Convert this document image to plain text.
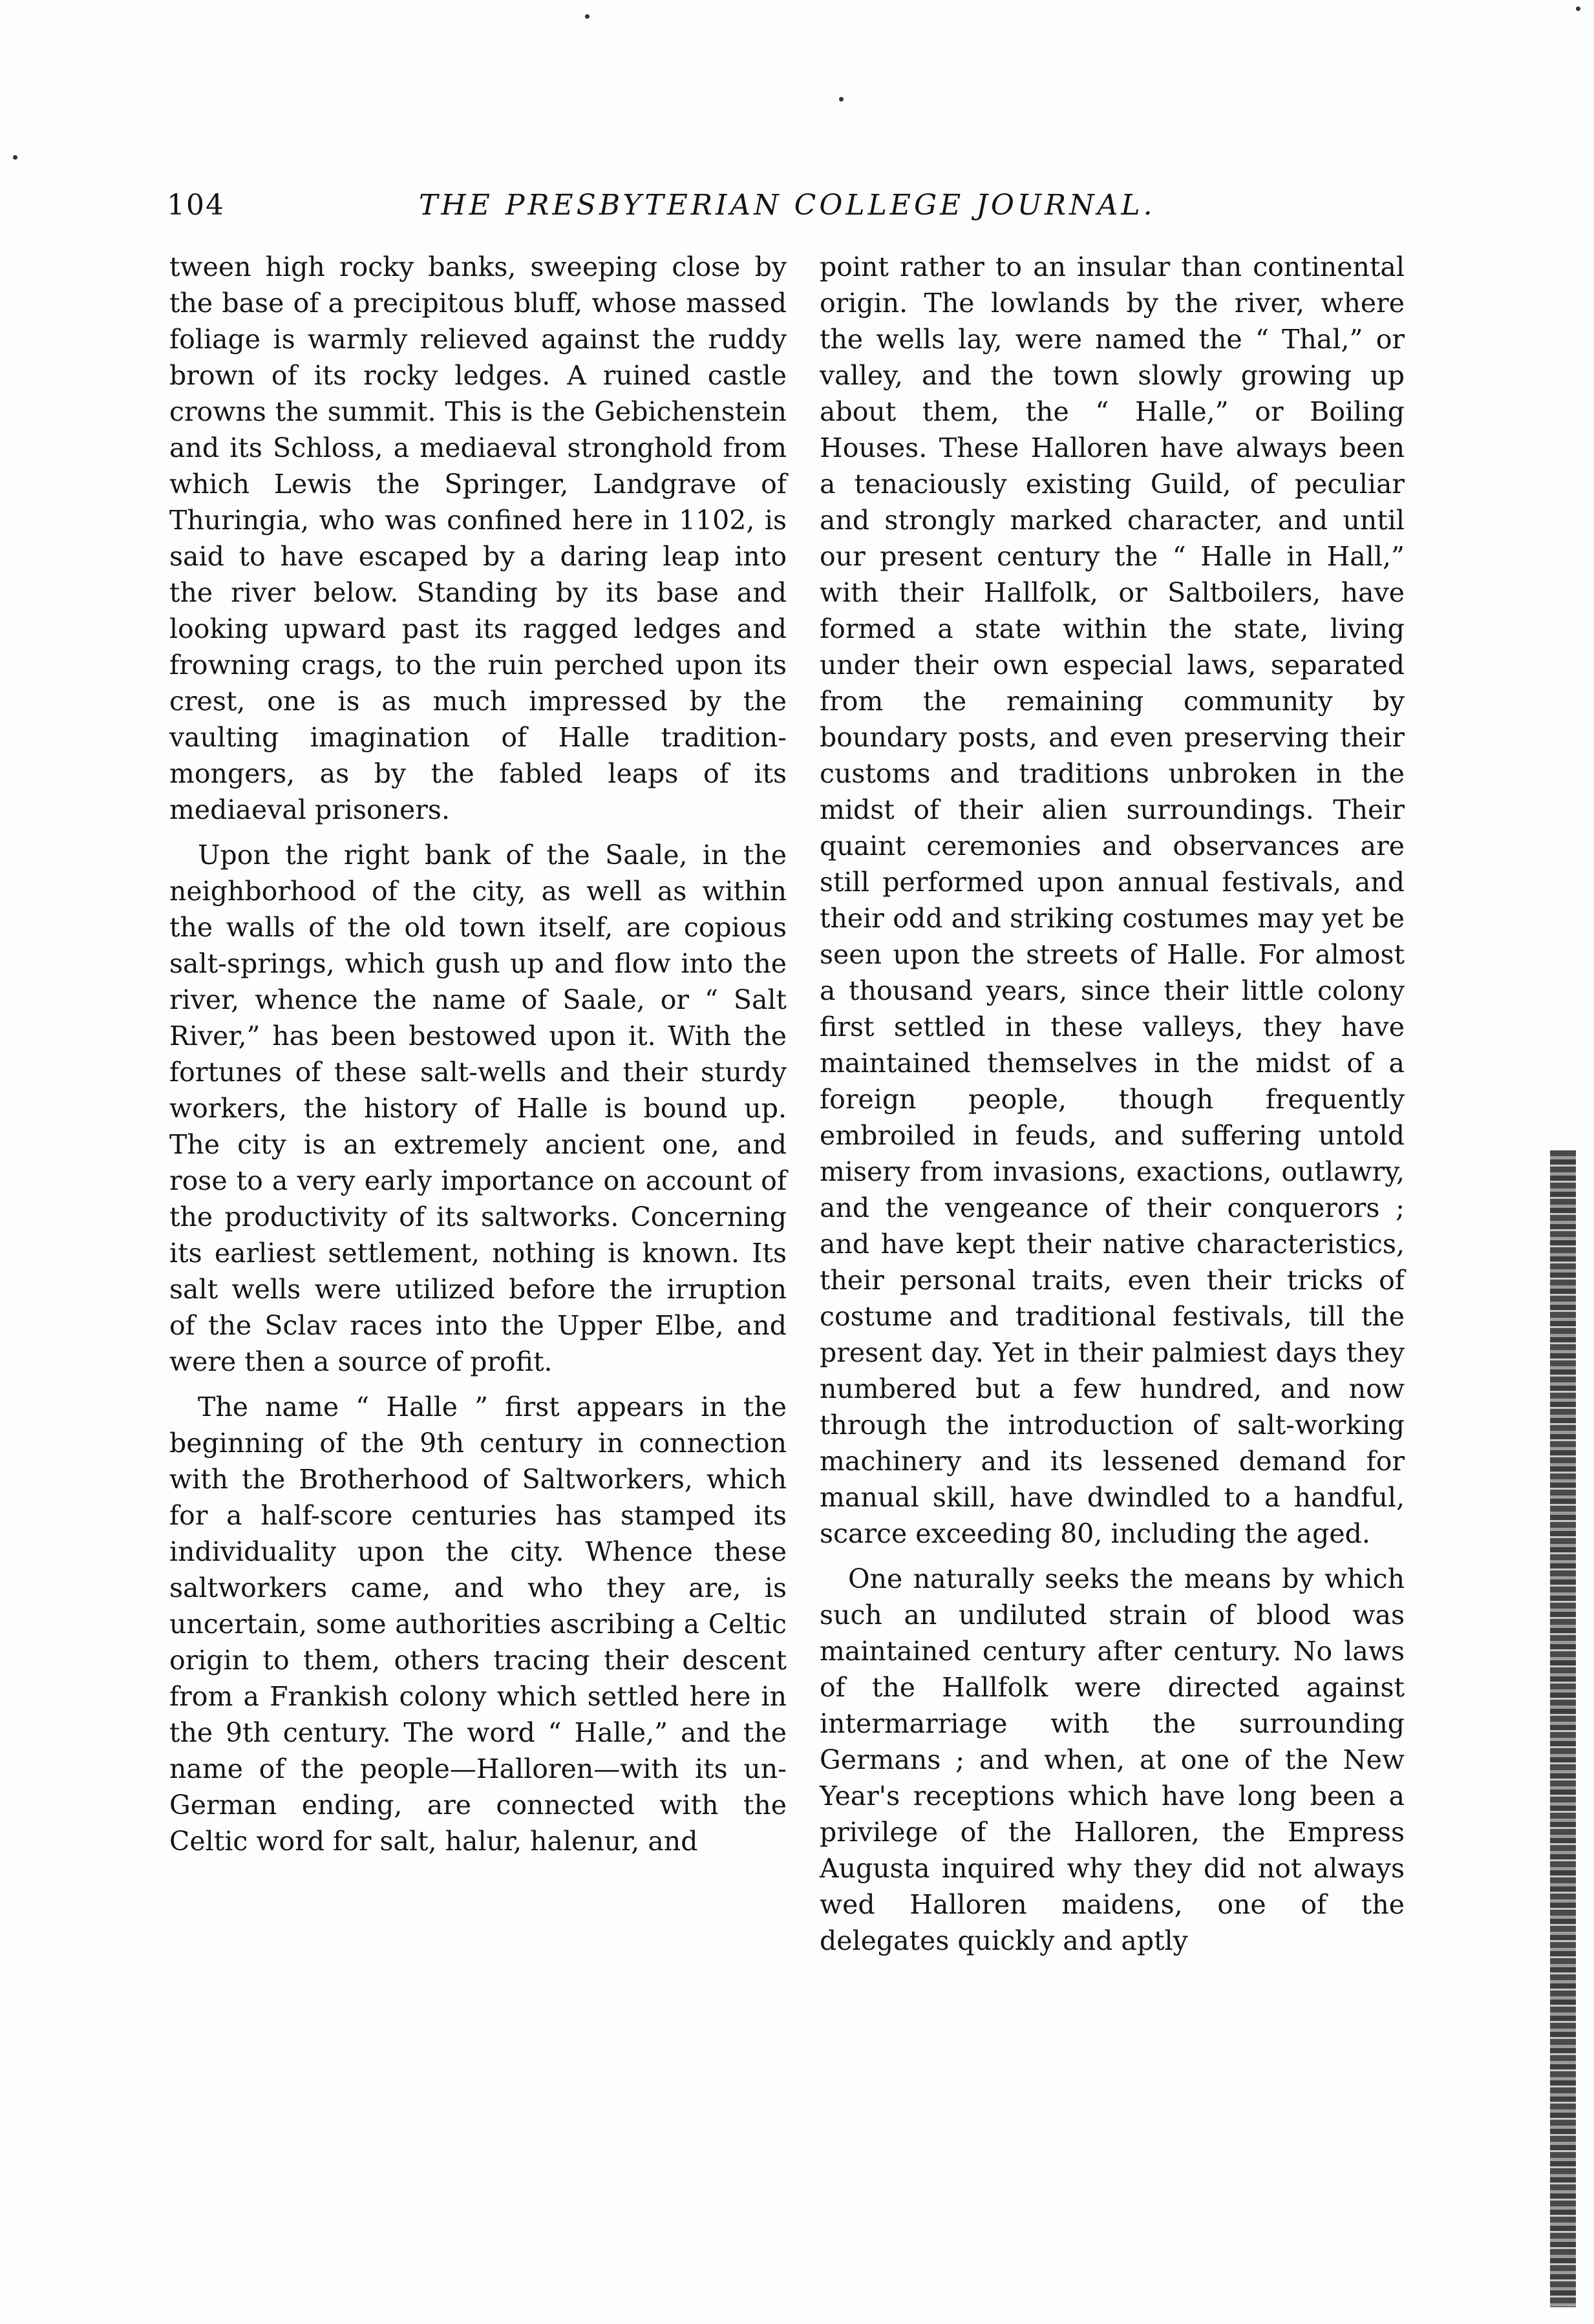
104	THE PRESBYTERIAN COLLEGE JOURNAL.

tween high rocky banks, sweeping close by the base of a precipitous bluff, whose massed foliage is warmly relieved against the ruddy brown of its rocky ledges. A ruined castle crowns the summit. This is the Gebichenstein and its Schloss, a mediaeval stronghold from which Lewis the Springer, Landgrave of Thuringia, who was confined here in 1102, is said to have escaped by a daring leap into the river below. Standing by its base and looking upward past its ragged ledges and frowning crags, to the ruin perched upon its crest, one is as much impressed by the vaulting imagination of Halle tradition-mongers, as by the fabled leaps of its mediaeval prisoners.

Upon the right bank of the Saale, in the neighborhood of the city, as well as within the walls of the old town itself, are copious salt-springs, which gush up and flow into the river, whence the name of Saale, or “ Salt River,” has been bestowed upon it. With the fortunes of these salt-wells and their sturdy workers, the history of Halle is bound up. The city is an extremely ancient one, and rose to a very early importance on account of the productivity of its saltworks. Concerning its earliest settlement, nothing is known. Its salt wells were utilized before the irruption of the Sclav races into the Upper Elbe, and were then a source of profit.

The name “ Halle ” first appears in the beginning of the 9th century in connection with the Brotherhood of Saltworkers, which for a half-score centuries has stamped its individuality upon the city. Whence these saltworkers came, and who they are, is uncertain, some authorities ascribing a Celtic origin to them, others tracing their descent from a Frankish colony which settled here in the 9th century. The word “ Halle,” and the name of the people—Halloren—with its un-German ending, are connected with the Celtic word for salt, halur, halenur, and

point rather to an insular than continental origin. The lowlands by the river, where the wells lay, were named the “ Thal,” or valley, and the town slowly growing up about them, the “ Halle,” or Boiling Houses. These Halloren have always been a tenaciously existing Guild, of peculiar and strongly marked character, and until our present century the “ Halle in Hall,” with their Hallfolk, or Saltboilers, have formed a state within the state, living under their own especial laws, separated from the remaining community by boundary posts, and even preserving their customs and traditions unbroken in the midst of their alien surroundings. Their quaint ceremonies and observances are still performed upon annual festivals, and their odd and striking costumes may yet be seen upon the streets of Halle. For almost a thousand years, since their little colony first settled in these valleys, they have maintained themselves in the midst of a foreign people, though frequently embroiled in feuds, and suffering untold misery from invasions, exactions, outlawry, and the vengeance of their conquerors ; and have kept their native characteristics, their personal traits, even their tricks of costume and traditional festivals, till the present day. Yet in their palmiest days they numbered but a few hundred, and now through the introduction of salt-working machinery and its lessened demand for manual skill, have dwindled to a handful, scarce exceeding 80, including the aged.

One naturally seeks the means by which such an undiluted strain of blood was maintained century after century. No laws of the Hallfolk were directed against intermarriage with the surrounding Germans ; and when, at one of the New Year's receptions which have long been a privilege of the Halloren, the Empress Augusta inquired why they did not always wed Halloren maidens, one of the delegates quickly and aptly
